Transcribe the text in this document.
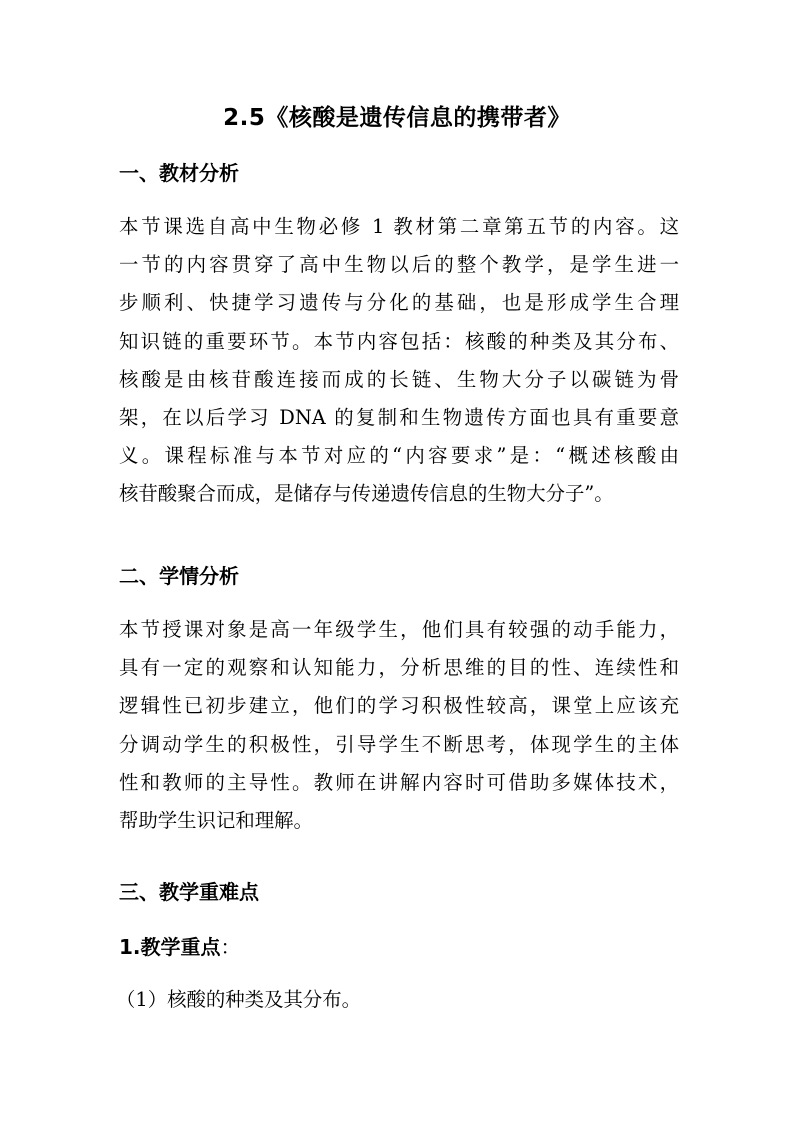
2.5《核酸是遗传信息的携带者》
一、教材分析
本节课选自高中生物必修 1 教材第二章第五节的内容。这
一节的内容贯穿了高中生物以后的整个教学，是学生进一
步顺利、快捷学习遗传与分化的基础，也是形成学生合理
知识链的重要环节。本节内容包括：核酸的种类及其分布、
核酸是由核苷酸连接而成的长链、生物大分子以碳链为骨
架，在以后学习 DNA 的复制和生物遗传方面也具有重要意
义。课程标准与本节对应的“内容要求”是：“概述核酸由
核苷酸聚合而成，是储存与传递遗传信息的生物大分子”。
二、学情分析
本节授课对象是高一年级学生，他们具有较强的动手能力，
具有一定的观察和认知能力，分析思维的目的性、连续性和
逻辑性已初步建立，他们的学习积极性较高，课堂上应该充
分调动学生的积极性，引导学生不断思考，体现学生的主体
性和教师的主导性。教师在讲解内容时可借助多媒体技术，
帮助学生识记和理解。
三、教学重难点
1.教学重点：
（1）核酸的种类及其分布。
